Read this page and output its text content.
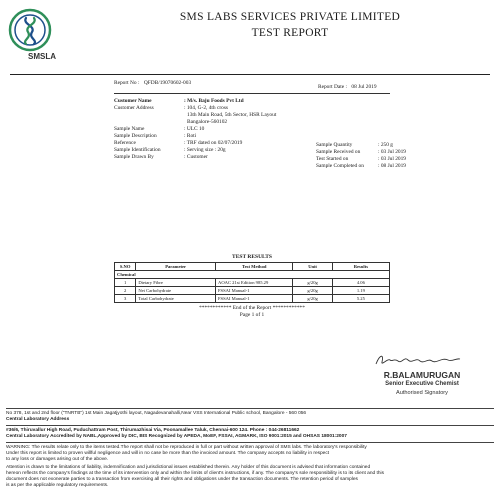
SMSLA
SMS LABS SERVICES PRIVATE LIMITED
TEST REPORT
Report No : QFDB/19070602-003
Report Date : 08 Jul 2019
Customer Name	: M/s. Baju Foods Pvt Ltd
Customer Address	: 104, G-2, 4th cross
13th Main Road, 5th Sector, HSR Layout
Bangalore-560102
Sample Name	: ULC 10
Sample Description	: Roti
Reference	: TRF dated on 02/07/2019
Sample Identification	: Serving size : 20g
Sample Drawn By	: Customer
Sample Quantity	: 250 g
Sample Received on	: 03 Jul 2019
Test Started on	: 03 Jul 2019
Sample Completed on	: 08 Jul 2019
TEST RESULTS
S.NO	Parameter	Test Method	Unit	Results
Chemical				
1	Dietary Fibre	AOAC 21st Edition 985.29	g/20g	4.06
2	Net Carbohydrate	FSSAI Manual-1	g/20g	1.19
3	Total Carbohydrate	FSSAI Manual-1	g/20g	5.25
************ End of the Report ************
Page 1 of 1
R.BALAMURUGAN
Senior Executive Chemist
Authorised Signatory
No 378, 1st and 2nd floor ("TNRTB") 1st Main Jagatjyothi layout, Nagadevanahalli,Near VSS International Public school, Bangalore - 560 056
Central Laboratory Address
#36/6, Thiruvallur High Road, Puduchattram Post, Thirumazhisai Via, Poonamallee Taluk, Chennai-600 124. Phone : 044-26811662
Central Laboratory Accredited by NABL,Approved by DIC, BIS Recognized by APEDA, MoEF, FSSAI, AGMARK, ISO 9001:2015 and OHSAS 18001:2007
WARNING: The results relate only to the items tested.The report shall not be reproduced in full or part without written approval of SMS labs. The laboratory's responsibility
Under this report is limited to proven willful negligence and will in no case be more than the invoiced amount. The company accepts no liability in respect
to any loss or damages arising out of the above.
Attention is drawn to the limitations of liability, indemnification and jurisdictional issues established therein. Any holder of this document is advised that information contained
hereon reflects the company's findings at the time of its intervention only and within the limits of client's instructions, if any. The company's sole responsibility is to its client and this
document does not exonerate parties to a transaction from exercising all their rights and obligations under the transaction documents. The retention period of samples
is as per the applicable regulatory requirements.
